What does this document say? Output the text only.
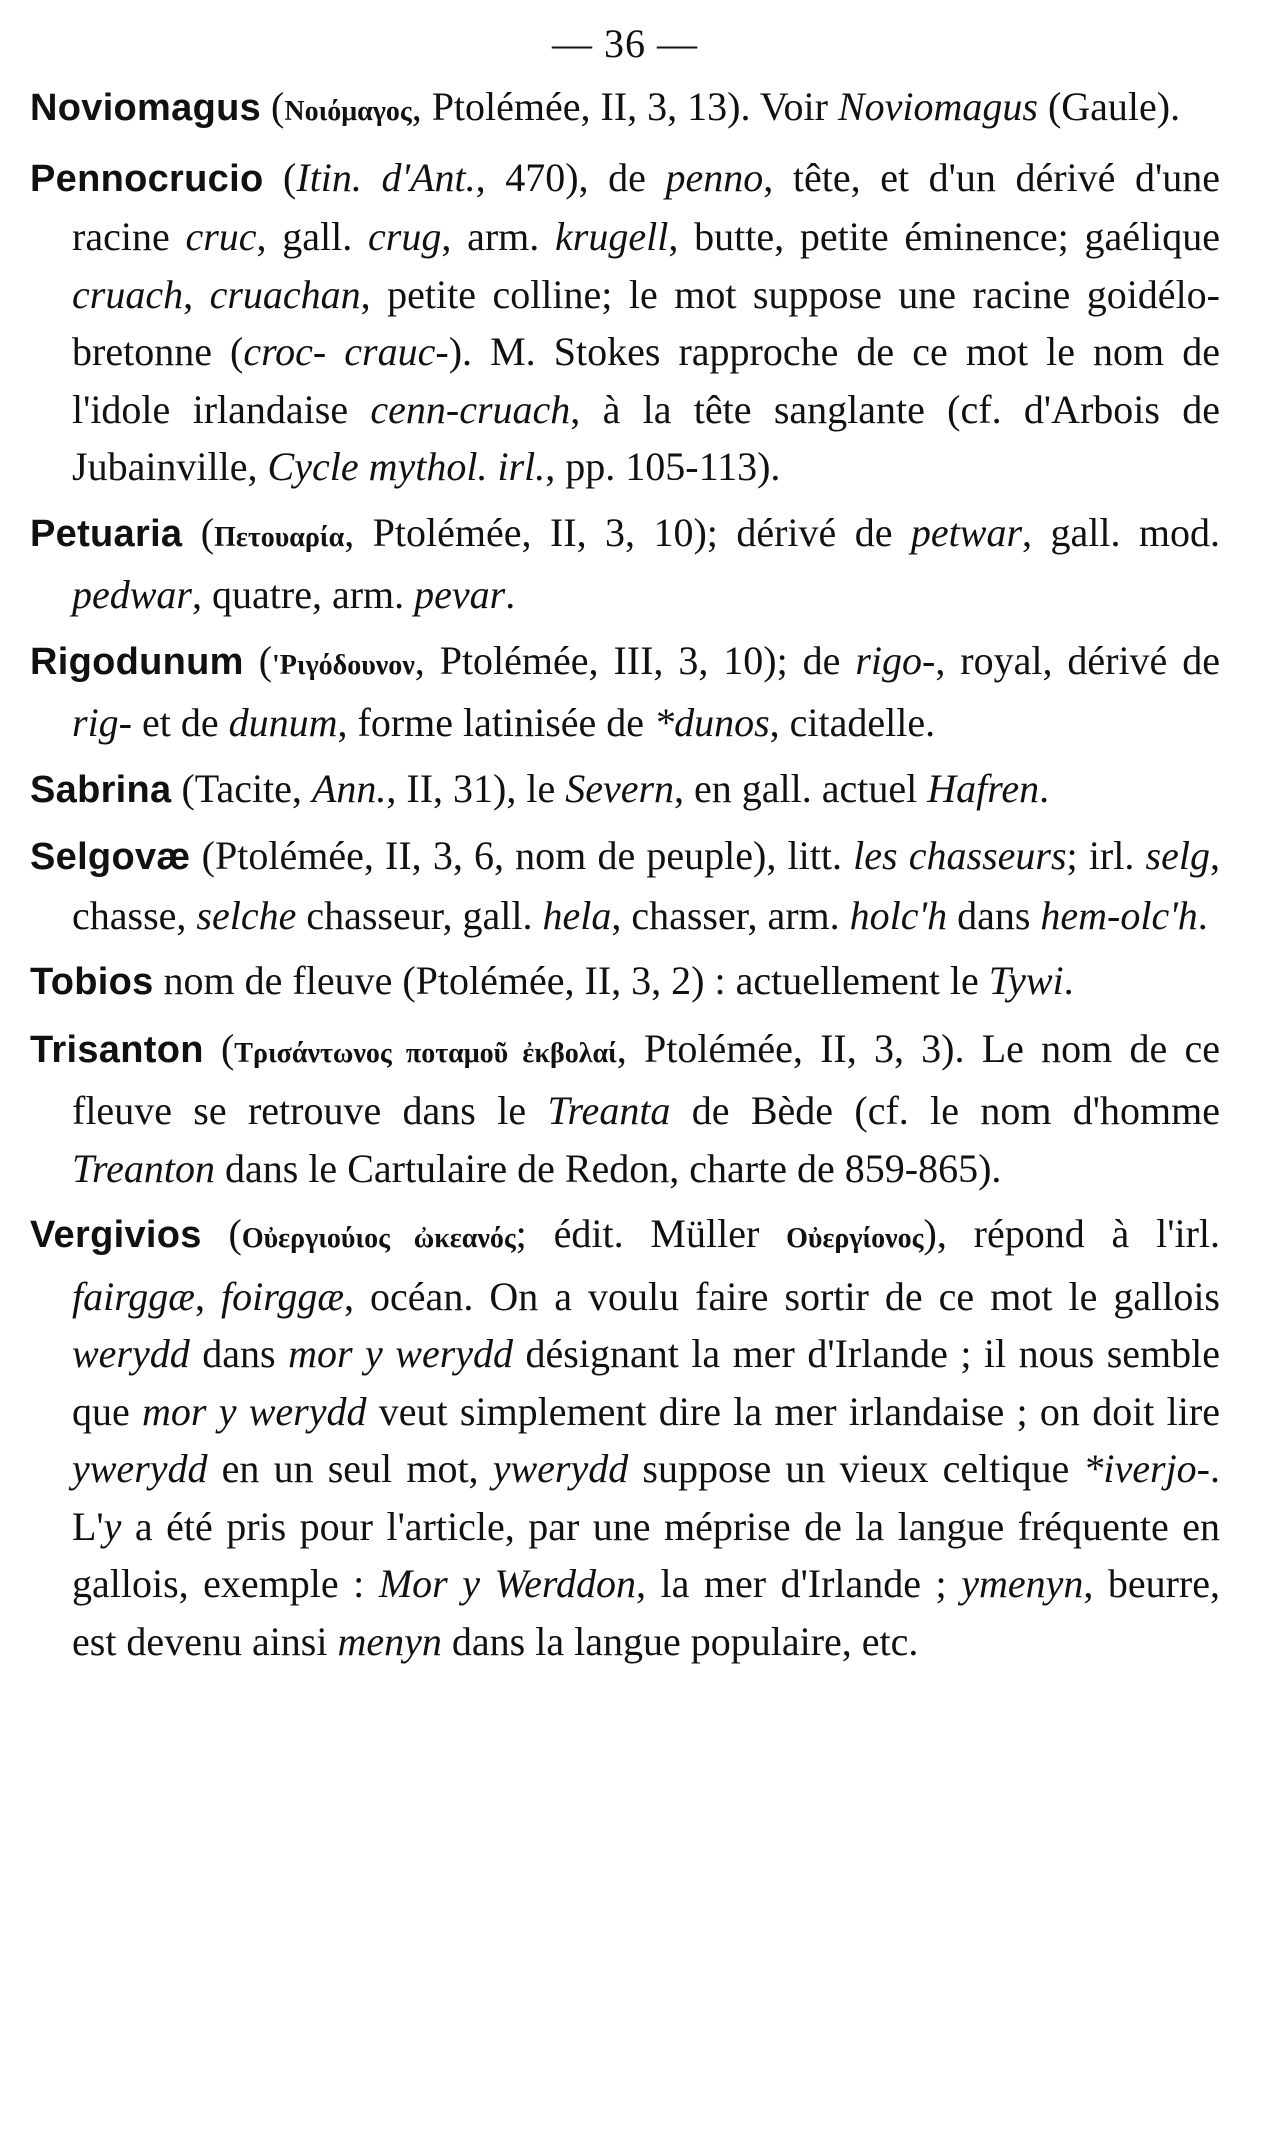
— 36 —

Noviomagus (Νοιόμαγος, Ptolémée, II, 3, 13). Voir Noviomagus (Gaule).

Pennocrucio (Itin. d'Ant., 470), de penno, tête, et d'un dérivé d'une racine cruc, gall. crug, arm. krugell, butte, petite éminence; gaélique cruach, cruachan, petite colline; le mot suppose une racine goidélo-bretonne (croc- crauc-). M. Stokes rapproche de ce mot le nom de l'idole irlandaise cenn-cruach, à la tête sanglante (cf. d'Arbois de Jubainville, Cycle mythol. irl., pp. 105-113).

Petuaria (Πετουαρία, Ptolémée, II, 3, 10); dérivé de petwar, gall. mod. pedwar, quatre, arm. pevar.

Rigodunum ('Ριγόδουνον, Ptolémée, III, 3, 10); de rigo-, royal, dérivé de rig- et de dunum, forme latinisée de *dunos, citadelle.

Sabrina (Tacite, Ann., II, 31), le Severn, en gall. actuel Hafren.

Selgovæ (Ptolémée, II, 3, 6, nom de peuple), litt. les chasseurs; irl. selg, chasse, selche chasseur, gall. hela, chasser, arm. holc'h dans hem-olc'h.

Tobios nom de fleuve (Ptolémée, II, 3, 2) : actuellement le Tywi.

Trisanton (Τρισάντωνος ποταμοῦ ἐκβολαί, Ptolémée, II, 3, 3). Le nom de ce fleuve se retrouve dans le Treanta de Bède (cf. le nom d'homme Treanton dans le Cartulaire de Redon, charte de 859-865).

Vergivios (Οὐεργιούιος ὠκεανός; édit. Müller Οὐεργίονος), répond à l'irl. fairggæ, foirggæ, océan. On a voulu faire sortir de ce mot le gallois werydd dans mor y werydd désignant la mer d'Irlande ; il nous semble que mor y werydd veut simplement dire la mer irlandaise ; on doit lire ywerydd en un seul mot, ywerydd suppose un vieux celtique *iverjo-. L'y a été pris pour l'article, par une méprise de la langue fréquente en gallois, exemple : Mor y Werddon, la mer d'Irlande ; ymenyn, beurre, est devenu ainsi menyn dans la langue populaire, etc.
